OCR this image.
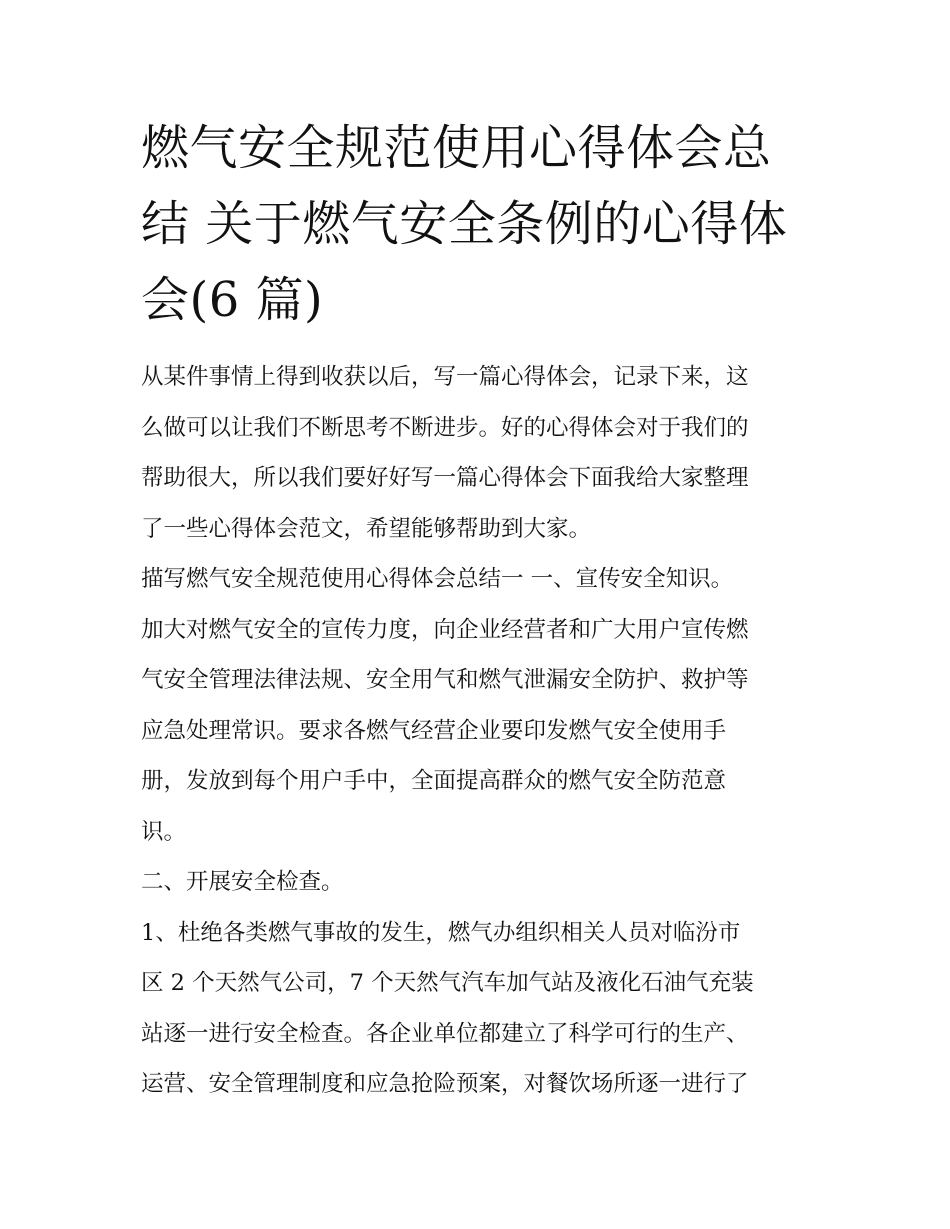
燃气安全规范使用心得体会总
结 关于燃气安全条例的心得体
会(6 篇)

从某件事情上得到收获以后，写一篇心得体会，记录下来，这
么做可以让我们不断思考不断进步。好的心得体会对于我们的
帮助很大，所以我们要好好写一篇心得体会下面我给大家整理
了一些心得体会范文，希望能够帮助到大家。

描写燃气安全规范使用心得体会总结一 一、宣传安全知识。

加大对燃气安全的宣传力度，向企业经营者和广大用户宣传燃
气安全管理法律法规、安全用气和燃气泄漏安全防护、救护等
应急处理常识。要求各燃气经营企业要印发燃气安全使用手
册，发放到每个用户手中，全面提高群众的燃气安全防范意
识。

二、开展安全检查。

1、杜绝各类燃气事故的发生，燃气办组织相关人员对临汾市
区 2 个天然气公司，7 个天然气汽车加气站及液化石油气充装
站逐一进行安全检查。各企业单位都建立了科学可行的生产、
运营、安全管理制度和应急抢险预案，对餐饮场所逐一进行了
